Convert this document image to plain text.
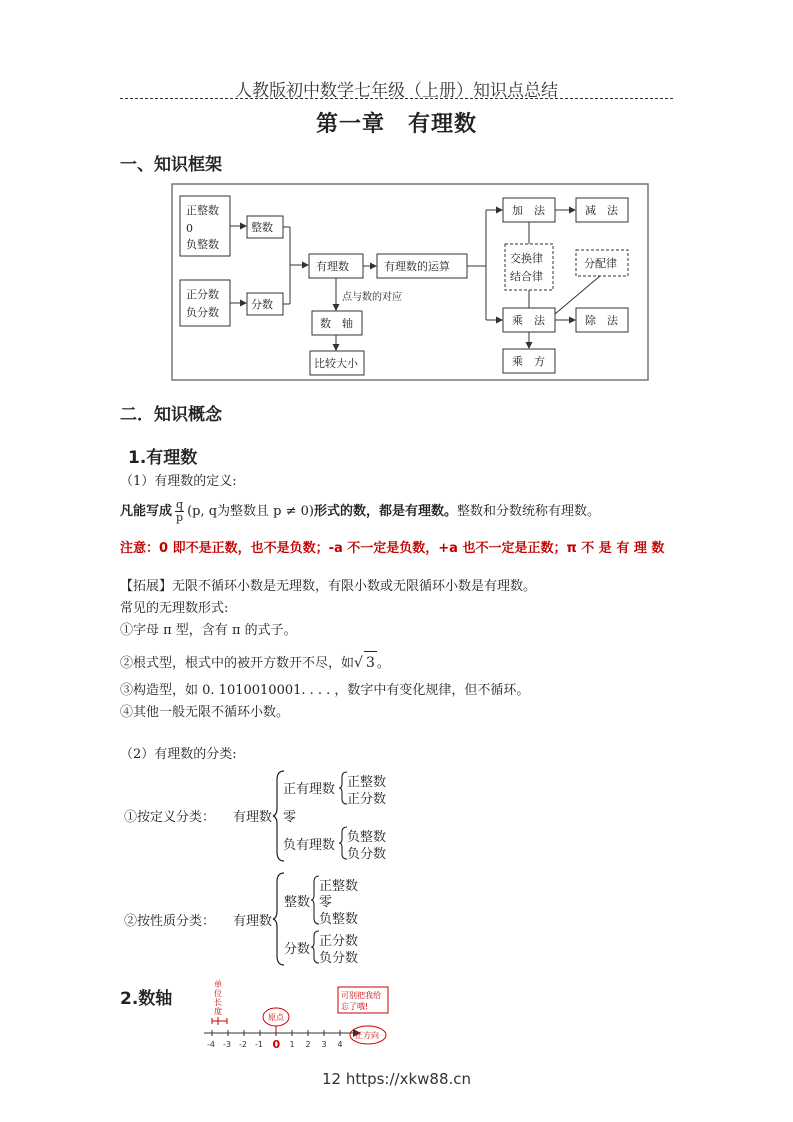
人教版初中数学七年级（上册）知识点总结
第一章　有理数
一、知识框架
正整数
0
负整数
正分数
负分数
整数
分数
有理数	有理数的运算
点与数的对应
数　轴
比较大小
加　法	减　法
交换律
结合律
分配律
乘　法	除　法
乘　方
二．知识概念
1.有理数
（1）有理数的定义:
凡能写成 $\frac{q}{p} (p$, q为整数且 p ≠ 0)形式的数，都是有理数。整数和分数统称有理数。
注意：0 即不是正数，也不是负数；-a 不一定是负数，+a 也不一定是正数；π 不 是 有 理 数
【拓展】无限不循环小数是无理数，有限小数或无限循环小数是有理数。
常见的无理数形式:
①字母 π 型，含有 π 的式子。
②根式型，根式中的被开方数开不尽，如√ 3 。
③构造型，如 0. 1010010001. . . . ，数字中有变化规律，但不循环。
④其他一般无限不循环小数。
（2）有理数的分类:
①按定义分类： 有理数
正有理数 正整数
正分数
零
负有理数
负整数
负分数
②按性质分类： 有理数
整数
正整数
零
负整数
分数
正分数
负分数
2.数轴
单
位
长
度
-4 -3 -2 -1 0 1 2 3 4
原点
可别把我给
忘了哦!
正方向
12 https://xkw88.cn
